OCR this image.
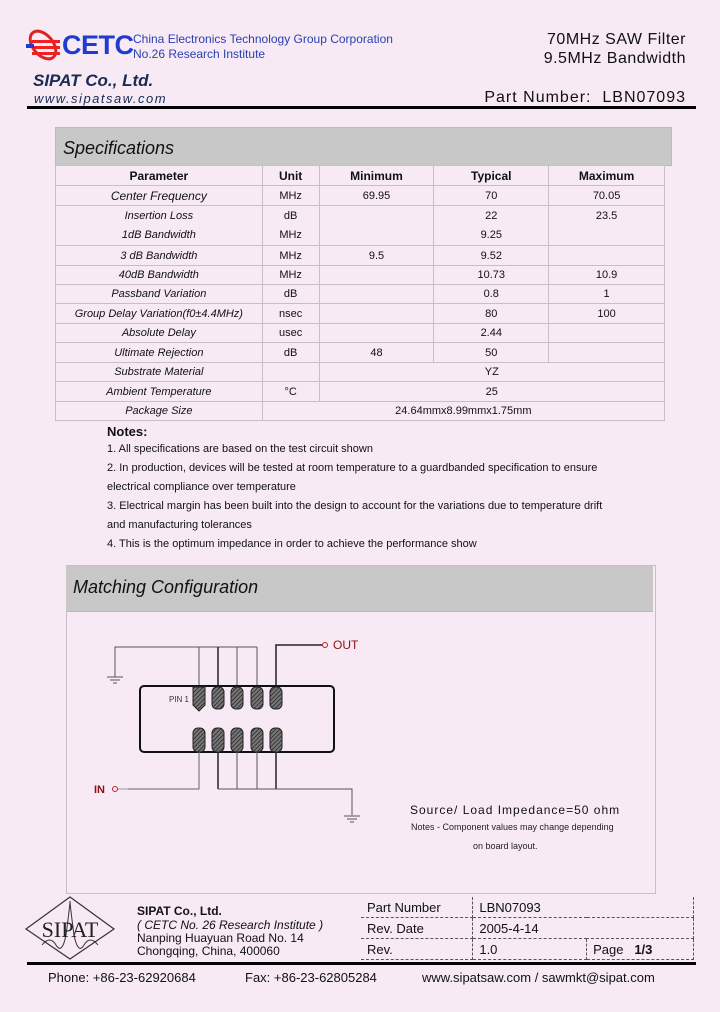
CETC China Electronics Technology Group Corporation
No.26 Research Institute
SIPAT Co., Ltd.
www.sipatsaw.com
70MHz SAW Filter
9.5MHz Bandwidth
Part Number: LBN07093
Specifications
Parameter	Unit	Minimum	Typical	Maximum
Center Frequency	MHz	69.95	70	70.05
Insertion Loss	dB		22	23.5
1dB Bandwidth	MHz		9.25	
3 dB Bandwidth	MHz	9.5	9.52	
40dB Bandwidth	MHz		10.73	10.9
Passband Variation	dB		0.8	1
Group Delay Variation(f0±4.4MHz)	nsec		80	100
Absolute Delay	usec		2.44	
Ultimate Rejection	dB	48	50	
Substrate Material		YZ		
Ambient Temperature	°C	25		
Package Size	24.64mmx8.99mmx1.75mm			
Notes:
1. All specifications are based on the test circuit shown
2. In production, devices will be tested at room temperature to a guardbanded specification to ensure
electrical compliance over temperature
3. Electrical margin has been built into the design to account for the variations due to temperature drift
and manufacturing tolerances
4. This is the optimum impedance in order to achieve the performance show
Matching Configuration
OUT
IN
PIN 1
Source/ Load Impedance=50 ohm
Notes - Component values may change depending
on board layout.
SIPAT
SIPAT Co., Ltd.
( CETC No. 26 Research Institute )
Nanping Huayuan Road No. 14
Chongqing, China, 400060
Part Number	LBN07093	
Rev. Date	2005-4-14	
Rev.	1.0	Page 1/3
Phone: +86-23-62920684	Fax: +86-23-62805284	www.sipatsaw.com / sawmkt@sipat.com
